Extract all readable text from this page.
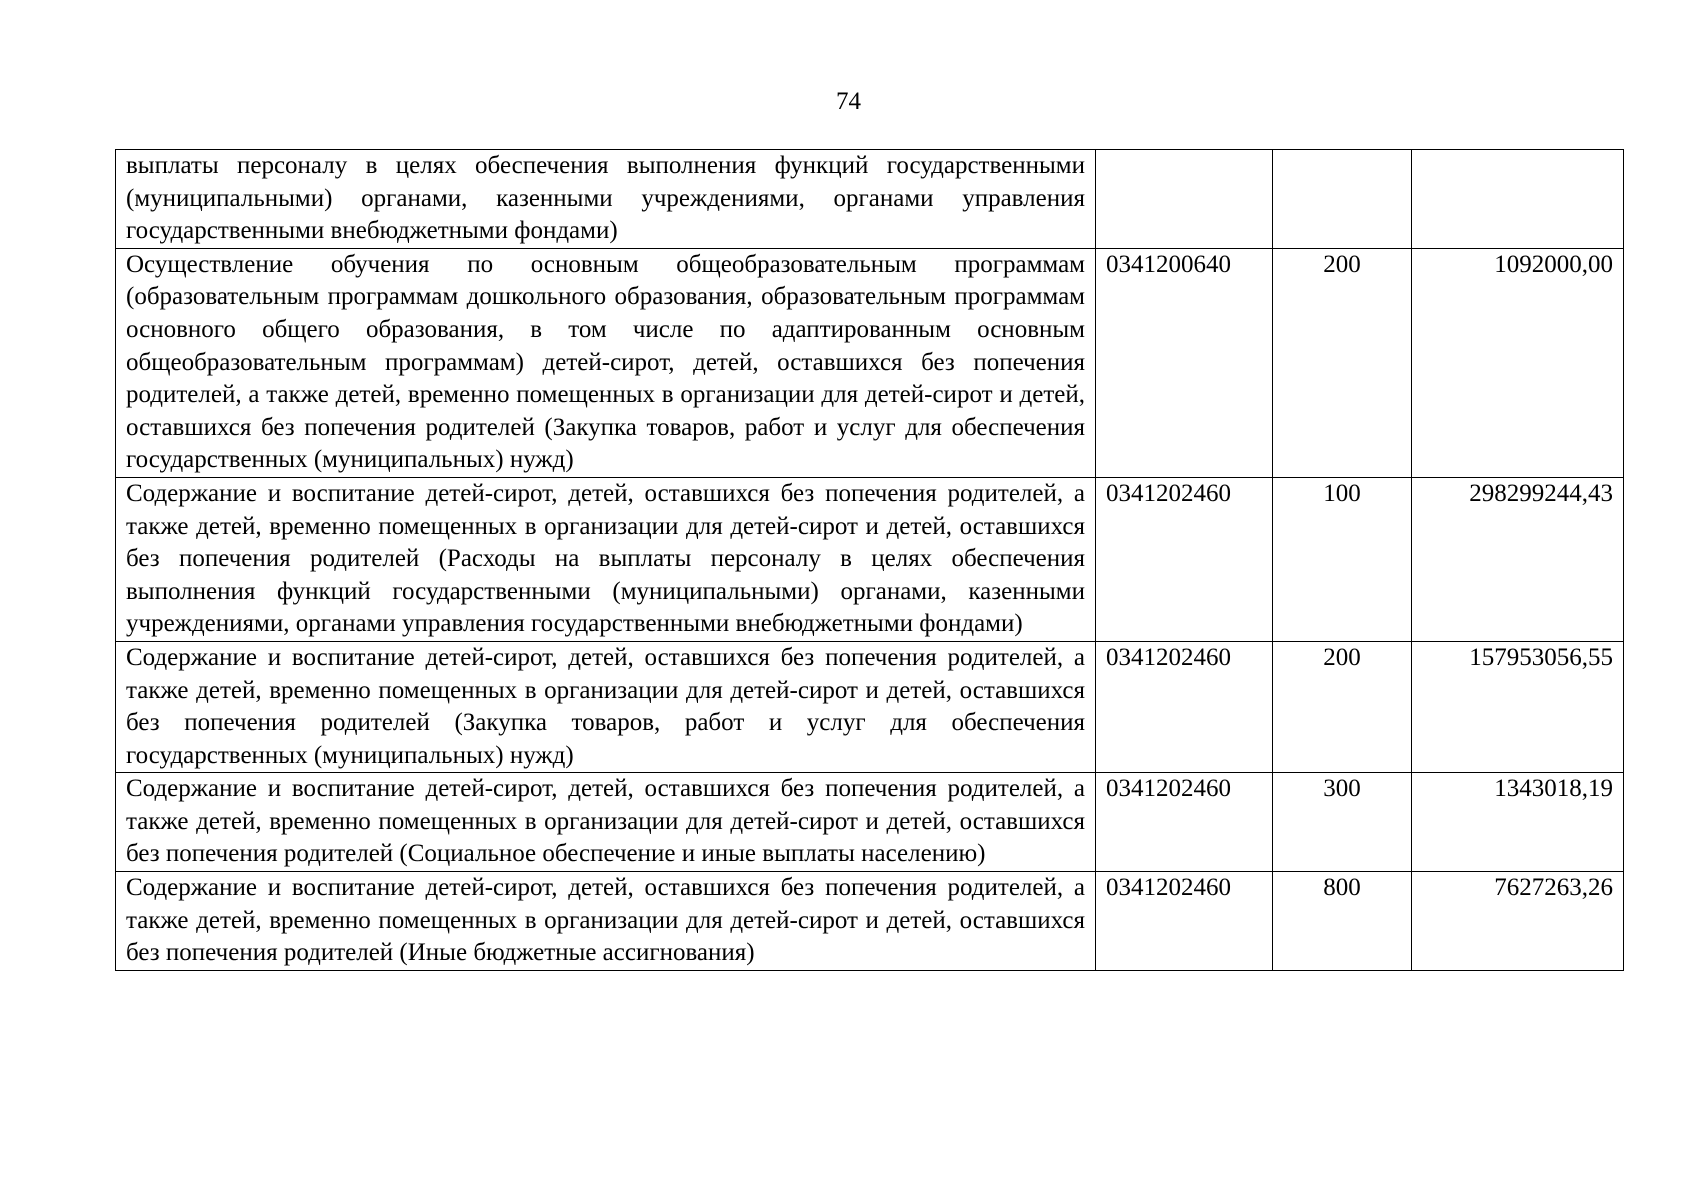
74
выплаты персоналу в целях обеспечения выполнения функций государственными (муниципальными) органами, казенными учреждениями, органами управления государственными внебюджетными фондами)			
Осуществление обучения по основным общеобразовательным программам (образовательным программам дошкольного образования, образовательным программам основного общего образования, в том числе по адаптированным основным общеобразовательным программам) детей-сирот, детей, оставшихся без попечения родителей, а также детей, временно помещенных в организации для детей-сирот и детей, оставшихся без попечения родителей (Закупка товаров, работ и услуг для обеспечения государственных (муниципальных) нужд)	0341200640	200	1092000,00
Содержание и воспитание детей-сирот, детей, оставшихся без попечения родителей, а также детей, временно помещенных в организации для детей-сирот и детей, оставшихся без попечения родителей (Расходы на выплаты персоналу в целях обеспечения выполнения функций государственными (муниципальными) органами, казенными учреждениями, органами управления государственными внебюджетными фондами)	0341202460	100	298299244,43
Содержание и воспитание детей-сирот, детей, оставшихся без попечения родителей, а также детей, временно помещенных в организации для детей-сирот и детей, оставшихся без попечения родителей (Закупка товаров, работ и услуг для обеспечения государственных (муниципальных) нужд)	0341202460	200	157953056,55
Содержание и воспитание детей-сирот, детей, оставшихся без попечения родителей, а также детей, временно помещенных в организации для детей-сирот и детей, оставшихся без попечения родителей (Социальное обеспечение и иные выплаты населению)	0341202460	300	1343018,19
Содержание и воспитание детей-сирот, детей, оставшихся без попечения родителей, а также детей, временно помещенных в организации для детей-сирот и детей, оставшихся без попечения родителей (Иные бюджетные ассигнования)	0341202460	800	7627263,26
